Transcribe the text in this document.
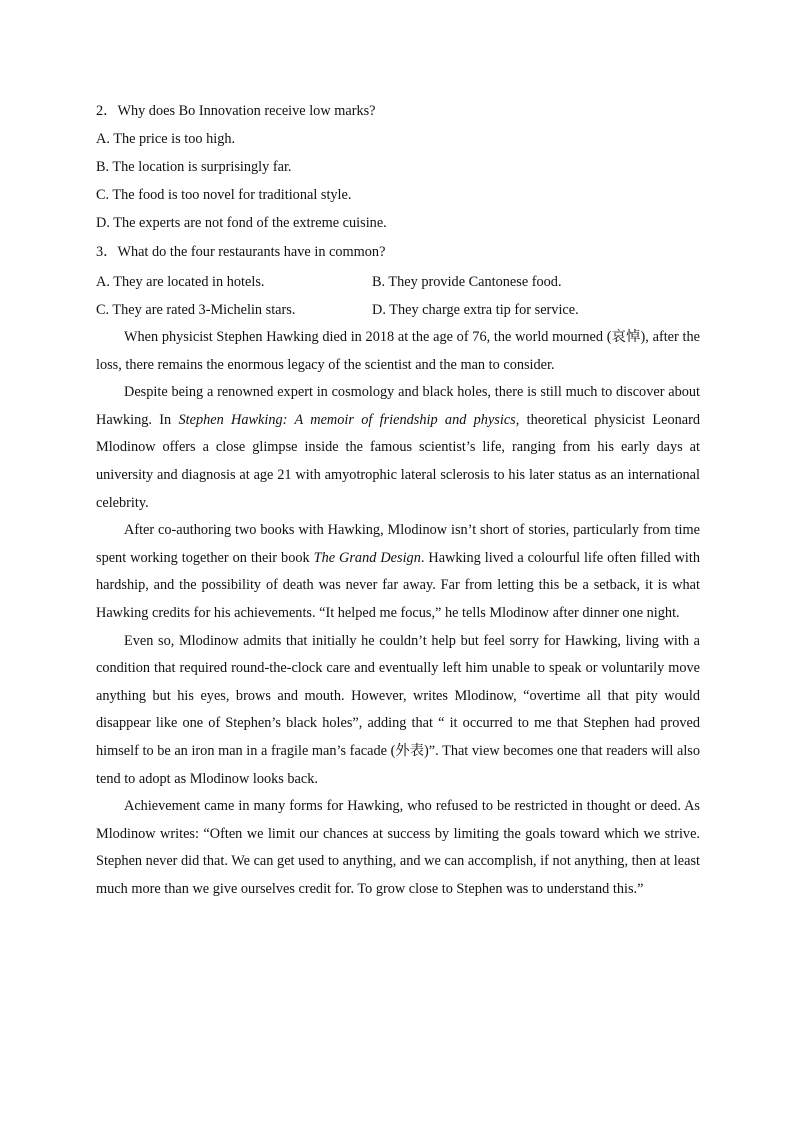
2．Why does Bo Innovation receive low marks?
A. The price is too high.
B. The location is surprisingly far.
C. The food is too novel for traditional style.
D. The experts are not fond of the extreme cuisine.
3．What do the four restaurants have in common?
A. They are located in hotels.	B. They provide Cantonese food.
C. They are rated 3-Michelin stars.	D. They charge extra tip for service.

When physicist Stephen Hawking died in 2018 at the age of 76, the world mourned (哀悼), after the loss, there remains the enormous legacy of the scientist and the man to consider.

Despite being a renowned expert in cosmology and black holes, there is still much to discover about Hawking. In Stephen Hawking: A memoir of friendship and physics, theoretical physicist Leonard Mlodinow offers a close glimpse inside the famous scientist’s life, ranging from his early days at university and diagnosis at age 21 with amyotrophic lateral sclerosis to his later status as an international celebrity.

After co-authoring two books with Hawking, Mlodinow isn’t short of stories, particularly from time spent working together on their book The Grand Design. Hawking lived a colourful life often filled with hardship, and the possibility of death was never far away. Far from letting this be a setback, it is what Hawking credits for his achievements. “It helped me focus,” he tells Mlodinow after dinner one night.

Even so, Mlodinow admits that initially he couldn’t help but feel sorry for Hawking, living with a condition that required round-the-clock care and eventually left him unable to speak or voluntarily move anything but his eyes, brows and mouth. However, writes Mlodinow, “overtime all that pity would disappear like one of Stephen’s black holes”, adding that “ it occurred to me that Stephen had proved himself to be an iron man in a fragile man’s facade (外表)”. That view becomes one that readers will also tend to adopt as Mlodinow looks back.

Achievement came in many forms for Hawking, who refused to be restricted in thought or deed. As Mlodinow writes: “Often we limit our chances at success by limiting the goals toward which we strive. Stephen never did that. We can get used to anything, and we can accomplish, if not anything, then at least much more than we give ourselves credit for. To grow close to Stephen was to understand this.”
